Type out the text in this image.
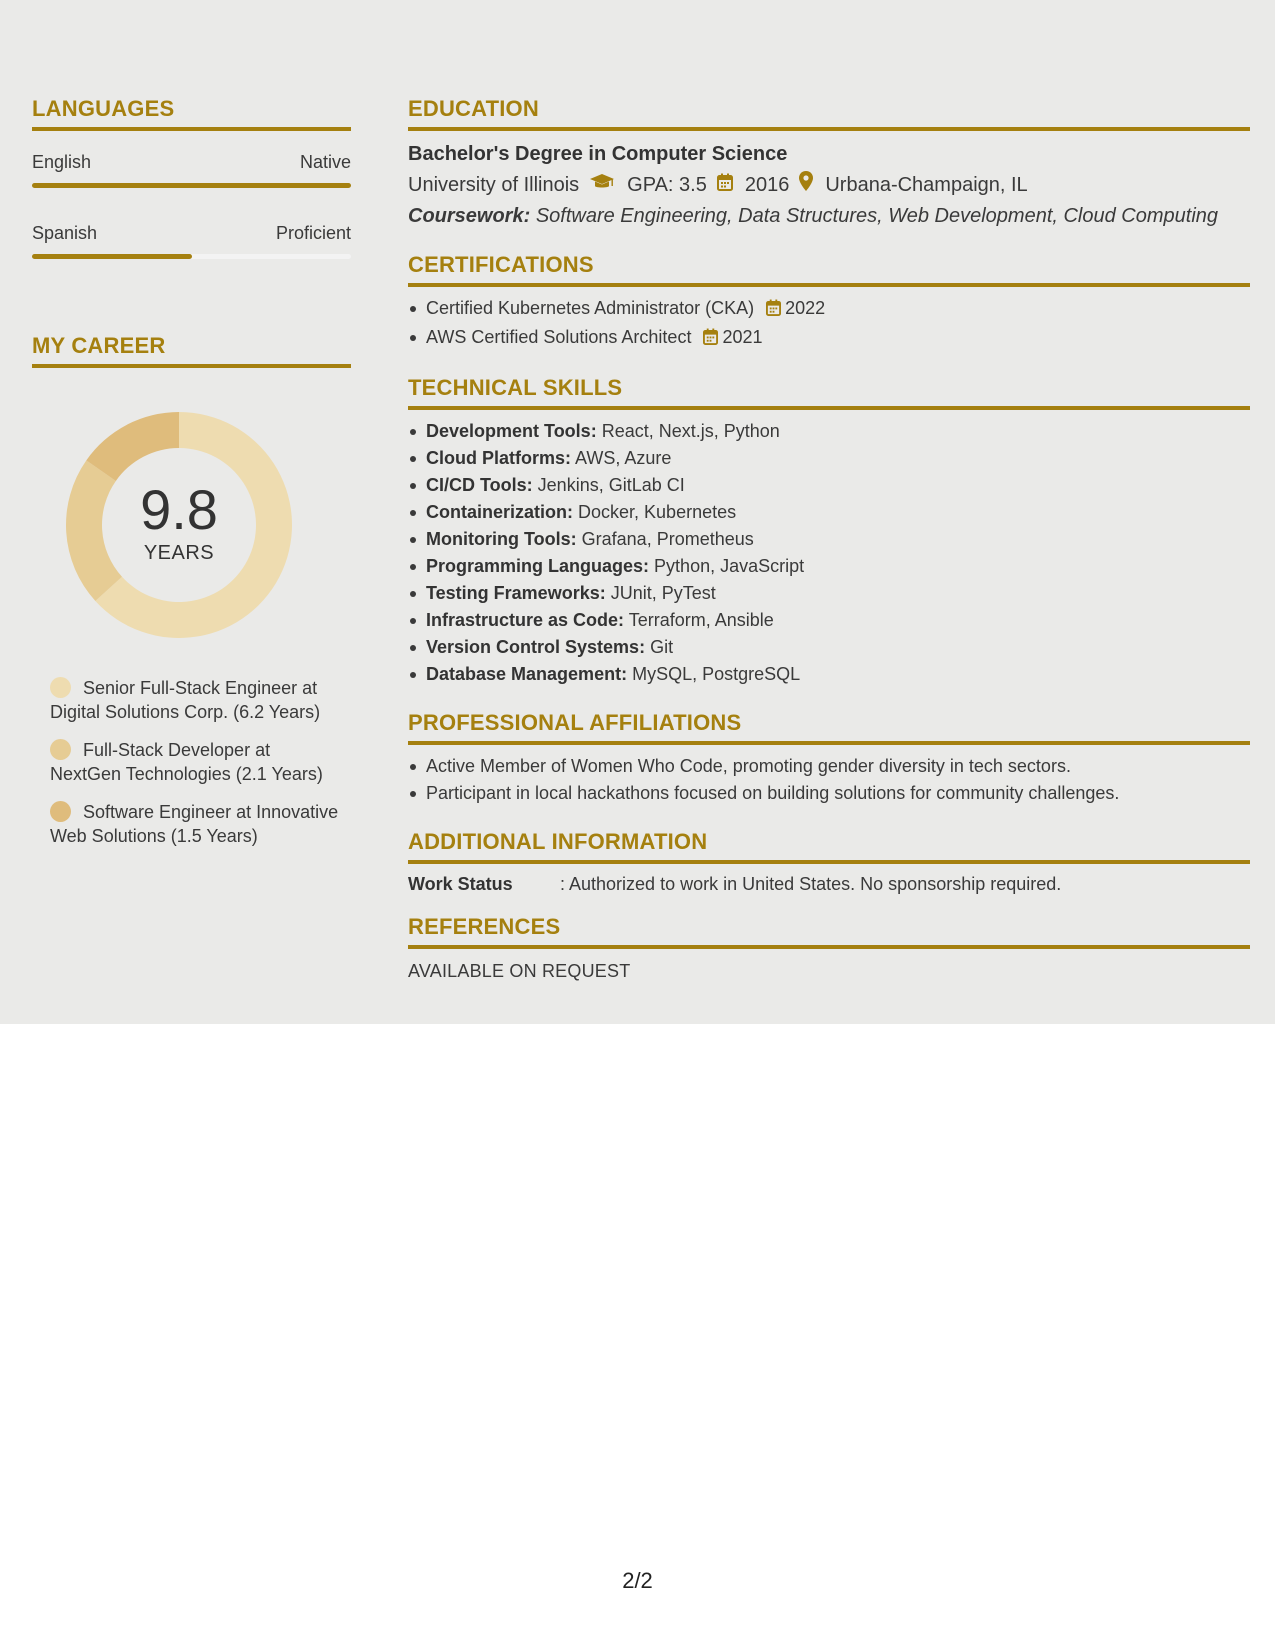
LANGUAGES
English	Native
Spanish	Proficient
MY CAREER
9.8
YEARS
Senior Full-Stack Engineer at Digital Solutions Corp. (6.2 Years)
Full-Stack Developer at NextGen Technologies (2.1 Years)
Software Engineer at Innovative Web Solutions (1.5 Years)
EDUCATION
Bachelor's Degree in Computer Science
University of Illinois GPA: 3.5 2016 Urbana-Champaign, IL
Coursework: Software Engineering, Data Structures, Web Development, Cloud Computing
CERTIFICATIONS
Certified Kubernetes Administrator (CKA) 2022
AWS Certified Solutions Architect 2021
TECHNICAL SKILLS
Development Tools: React, Next.js, Python
Cloud Platforms: AWS, Azure
CI/CD Tools: Jenkins, GitLab CI
Containerization: Docker, Kubernetes
Monitoring Tools: Grafana, Prometheus
Programming Languages: Python, JavaScript
Testing Frameworks: JUnit, PyTest
Infrastructure as Code: Terraform, Ansible
Version Control Systems: Git
Database Management: MySQL, PostgreSQL
PROFESSIONAL AFFILIATIONS
Active Member of Women Who Code, promoting gender diversity in tech sectors.
Participant in local hackathons focused on building solutions for community challenges.
ADDITIONAL INFORMATION
Work Status	: Authorized to work in United States. No sponsorship required.
REFERENCES
AVAILABLE ON REQUEST
2/2
